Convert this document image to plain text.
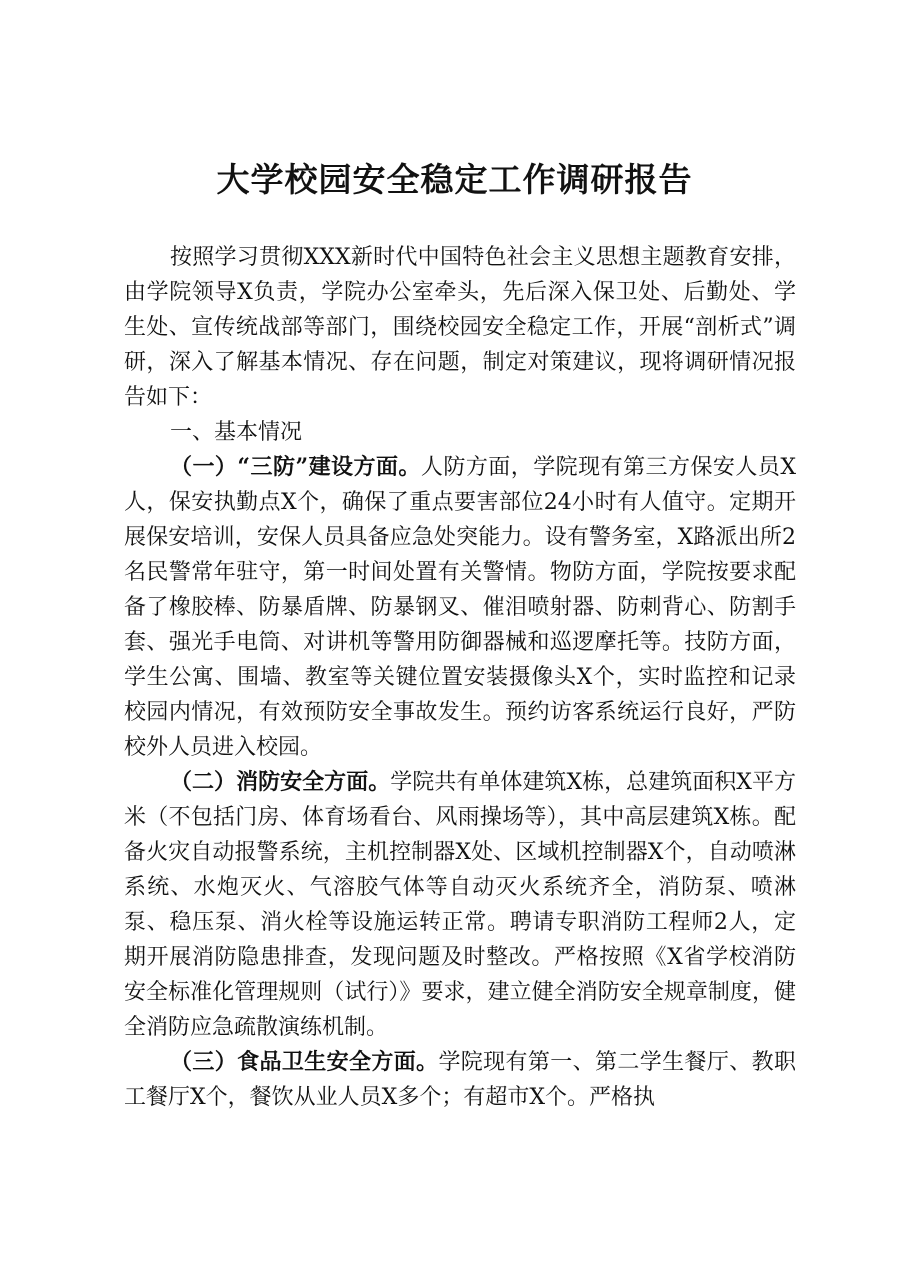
大学校园安全稳定工作调研报告

按照学习贯彻XXX新时代中国特色社会主义思想主题教育安排，由学院领导X负责，学院办公室牵头，先后深入保卫处、后勤处、学生处、宣传统战部等部门，围绕校园安全稳定工作，开展“剖析式”调研，深入了解基本情况、存在问题，制定对策建议，现将调研情况报告如下：

一、基本情况

（一）“三防”建设方面。人防方面，学院现有第三方保安人员X人，保安执勤点X个，确保了重点要害部位24小时有人值守。定期开展保安培训，安保人员具备应急处突能力。设有警务室，X路派出所2名民警常年驻守，第一时间处置有关警情。物防方面，学院按要求配备了橡胶棒、防暴盾牌、防暴钢叉、催泪喷射器、防刺背心、防割手套、强光手电筒、对讲机等警用防御器械和巡逻摩托等。技防方面，学生公寓、围墙、教室等关键位置安装摄像头X个，实时监控和记录校园内情况，有效预防安全事故发生。预约访客系统运行良好，严防校外人员进入校园。

（二）消防安全方面。学院共有单体建筑X栋，总建筑面积X平方米（不包括门房、体育场看台、风雨操场等），其中高层建筑X栋。配备火灾自动报警系统，主机控制器X处、区域机控制器X个，自动喷淋系统、水炮灭火、气溶胶气体等自动灭火系统齐全，消防泵、喷淋泵、稳压泵、消火栓等设施运转正常。聘请专职消防工程师2人，定期开展消防隐患排查，发现问题及时整改。严格按照《X省学校消防安全标准化管理规则（试行）》要求，建立健全消防安全规章制度，健全消防应急疏散演练机制。

（三）食品卫生安全方面。学院现有第一、第二学生餐厅、教职工餐厅X个，餐饮从业人员X多个；有超市X个。严格执
